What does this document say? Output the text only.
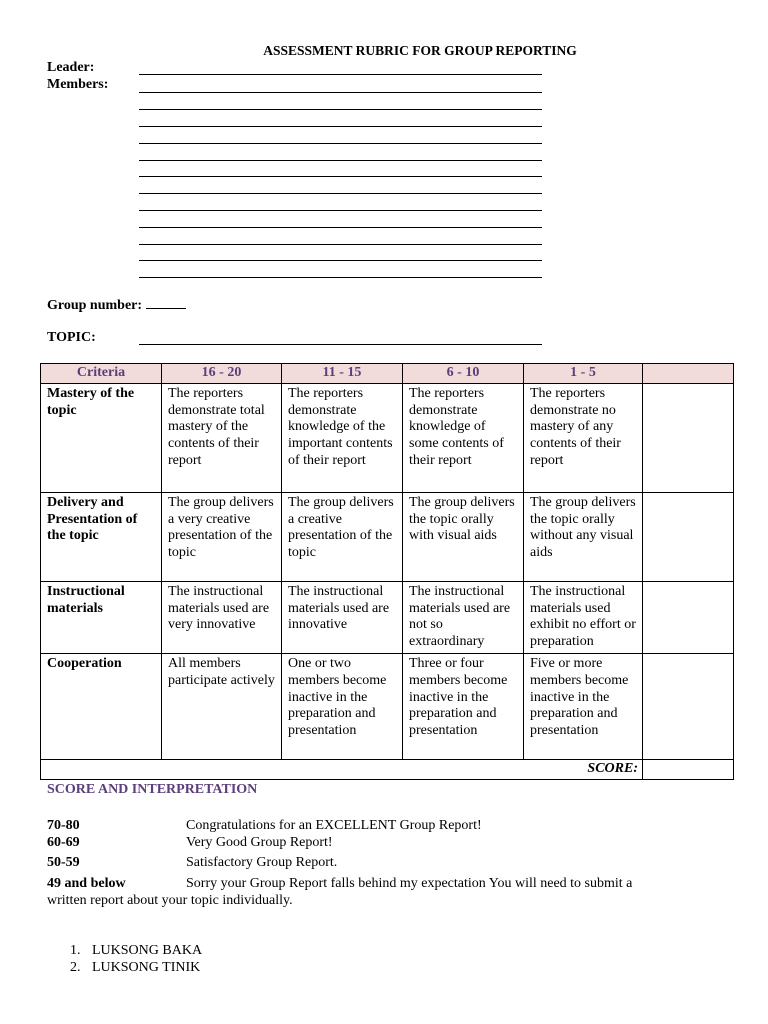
ASSESSMENT RUBRIC FOR GROUP REPORTING
Leader:
Members:
Group number:
TOPIC:
Criteria	16 - 20	11 - 15	6 - 10	1 - 5	
Mastery of the topic	The reporters demonstrate total mastery of the contents of their report	The reporters demonstrate knowledge of the important contents of their report	The reporters demonstrate knowledge of some contents of their report	The reporters demonstrate no mastery of any contents of their report	
Delivery and Presentation of the topic	The group delivers a very creative presentation of the topic	The group delivers a creative presentation of the topic	The group delivers the topic orally with visual aids	The group delivers the topic orally without any visual aids	
Instructional materials	The instructional materials used are very innovative	The instructional materials used are innovative	The instructional materials used are not so extraordinary	The instructional materials used exhibit no effort or preparation	
Cooperation	All members participate actively	One or two members become inactive in the preparation and presentation	Three or four members become inactive in the preparation and presentation	Five or more members become inactive in the preparation and presentation	
SCORE:					
SCORE AND INTERPRETATION
70-80	Congratulations for an EXCELLENT Group Report!
60-69	Very Good Group Report!
50-59	Satisfactory Group Report.
49 and below	Sorry your Group Report falls behind my expectation You will need to submit a written report about your topic individually.
1. LUKSONG BAKA
2. LUKSONG TINIK
